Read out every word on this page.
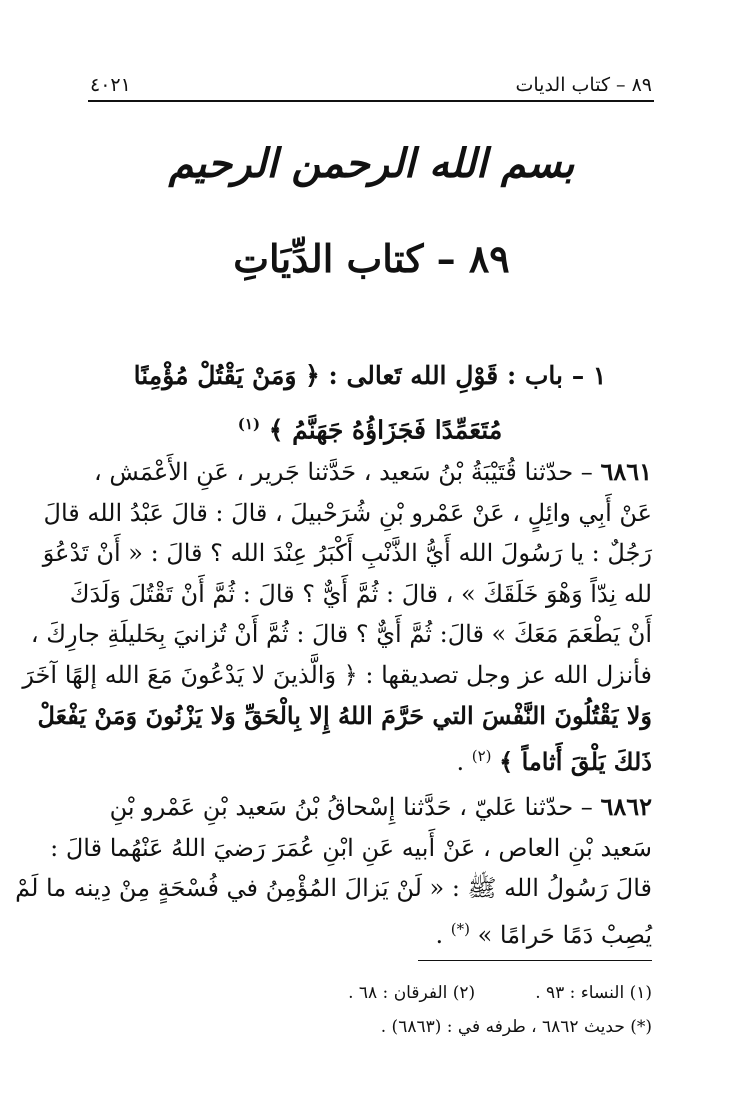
٨٩ – كتاب الديات
٤٠٢١
بسم الله الرحمن الرحيم
٨٩ – كتاب الدِّيَاتِ
١ – باب : قَوْلِ الله تَعالى : ﴿ وَمَنْ يَقْتُلْ مُؤْمِنًا
مُتَعَمِّدًا فَجَزَاؤُهُ جَهَنَّمُ ﴾ $^{(١)}$
٦٨٦١ – حدّثنا قُتَيْبَةُ بْنُ سَعيد ، حَدَّثنا جَرير ، عَنِ الأَعْمَش ،
عَنْ أَبِي وائِلٍ ، عَنْ عَمْرو بْنِ شُرَحْبيلَ ، قالَ : قالَ عَبْدُ الله قالَ
رَجُلٌ : يا رَسُولَ الله أَيُّ الذَّنْبِ أَكْبَرُ عِنْدَ الله ؟ قالَ : « أَنْ تَدْعُوَ
لله نِدّاً وَهْوَ خَلَقَكَ » ، قالَ : ثُمَّ أَيٌّ ؟ قالَ : ثُمَّ أَنْ تَقْتُلَ وَلَدَكَ
أَنْ يَطْعَمَ مَعَكَ » قالَ: ثُمَّ أَيٌّ ؟ قالَ : ثُمَّ أَنْ تُزانيَ بِحَليلَةِ جارِكَ ،
فأنزل الله عز وجل تصديقها : ﴿ وَالَّذينَ لا يَدْعُونَ مَعَ الله إلهًا آخَرَ
وَلا يَقْتُلُونَ النَّفْسَ التي حَرَّمَ اللهُ إِلا بِالْحَقِّ وَلا يَزْنُونَ وَمَنْ يَفْعَلْ
ذَلكَ يَلْقَ أَثاماً ﴾ $^{(٢)}$ .
٦٨٦٢ – حدّثنا عَليّ ، حَدَّثنا إِسْحاقُ بْنُ سَعيد بْنِ عَمْرو بْنِ
سَعيد بْنِ العاص ، عَنْ أَبيه عَنِ ابْنِ عُمَرَ رَضيَ اللهُ عَنْهُما قالَ :
قالَ رَسُولُ الله ﷺ : « لَنْ يَزالَ المُؤْمِنُ في فُسْحَةٍ مِنْ دِينه ما لَمْ
يُصِبْ دَمًا حَرامًا » (*) .
(١) النساء : ٩٣ .
(٢) الفرقان : ٦٨ .
(*) حديث ٦٨٦٢ ، طرفه في : (٦٨٦٣) .
